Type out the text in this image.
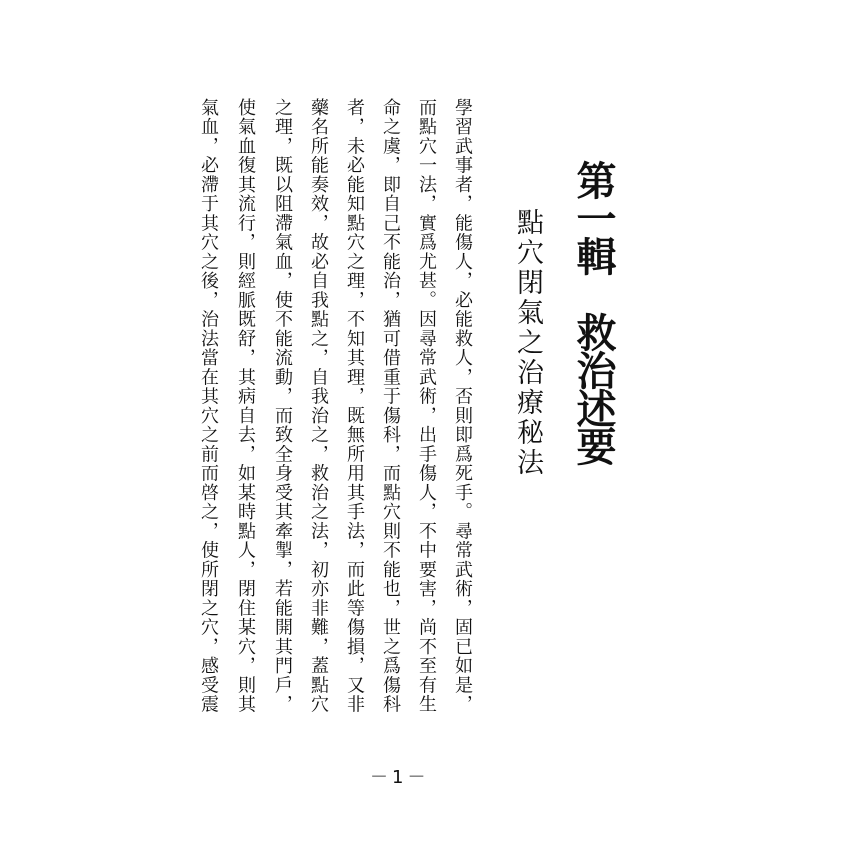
第一輯　救治述要
點穴閉氣之治療秘法
學習武事者，能傷人，必能救人，否則即爲死手。尋常武術，固已如是，
而點穴一法，實爲尤甚。因尋常武術，出手傷人，不中要害，尚不至有生
命之虞，即自己不能治，猶可借重于傷科，而點穴則不能也，世之爲傷科
者，未必能知點穴之理，不知其理，既無所用其手法，而此等傷損，又非
藥名所能奏效，故必自我點之，自我治之，救治之法，初亦非難，蓋點穴
之理，既以阻滯氣血，使不能流動，而致全身受其牽掣，若能開其門戶，
使氣血復其流行，則經脈既舒，其病自去，如某時點人，閉住某穴，則其
氣血，必滯于其穴之後，治法當在其穴之前而啓之，使所閉之穴，感受震
－1－
